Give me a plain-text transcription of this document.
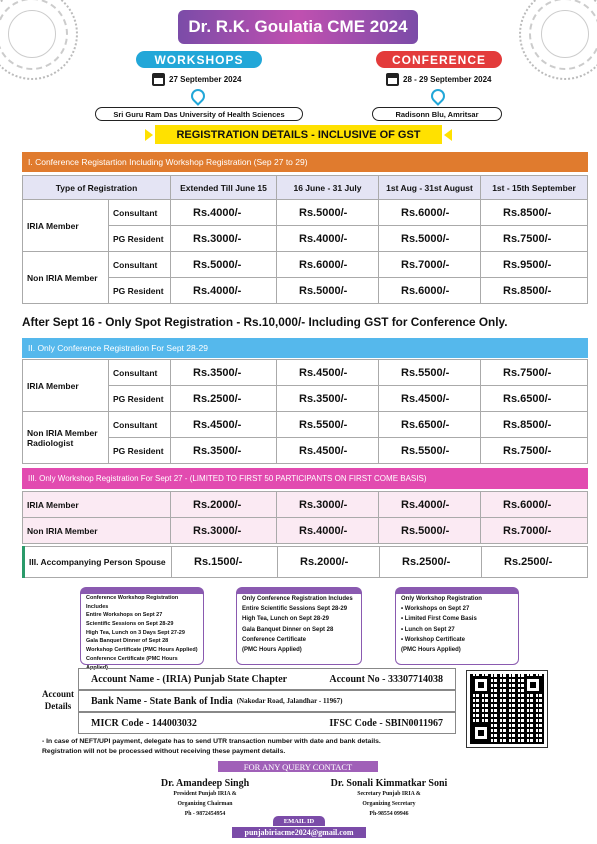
Dr. R.K. Goulatia CME 2024
WORKSHOPS	CONFERENCE
27 September 2024	28 - 29 September 2024
Sri Guru Ram Das University of Health Sciences	Radisonn Blu, Amritsar
REGISTRATION DETAILS - INCLUSIVE OF GST
I. Conference Registartion Including Workshop Registration (Sep 27 to 29)
Type of Registration		Extended Till June 15	16 June - 31 July	1st Aug - 31st August	1st - 15th September
IRIA Member	Consultant	Rs.4000/-	Rs.5000/-	Rs.6000/-	Rs.8500/-
	PG Resident	Rs.3000/-	Rs.4000/-	Rs.5000/-	Rs.7500/-
Non IRIA Member	Consultant	Rs.5000/-	Rs.6000/-	Rs.7000/-	Rs.9500/-
	PG Resident	Rs.4000/-	Rs.5000/-	Rs.6000/-	Rs.8500/-
After Sept 16 - Only Spot Registration - Rs.10,000/- Including GST for Conference Only.
II. Only Conference Registration For Sept 28-29
IRIA Member	Consultant	Rs.3500/-	Rs.4500/-	Rs.5500/-	Rs.7500/-
	PG Resident	Rs.2500/-	Rs.3500/-	Rs.4500/-	Rs.6500/-
Non IRIA Member Radiologist	Consultant	Rs.4500/-	Rs.5500/-	Rs.6500/-	Rs.8500/-
	PG Resident	Rs.3500/-	Rs.4500/-	Rs.5500/-	Rs.7500/-
III. Only Workshop Registration For Sept 27 - (LIMITED TO FIRST 50 PARTICIPANTS ON FIRST COME BASIS)
IRIA Member	Rs.2000/-	Rs.3000/-	Rs.4000/-	Rs.6000/-
Non IRIA Member	Rs.3000/-	Rs.4000/-	Rs.5000/-	Rs.7000/-
III. Accompanying Person Spouse	Rs.1500/-	Rs.2000/-	Rs.2500/-	Rs.2500/-
Conference Workshop Registration Includes
Entire Workshops on Sept 27
Scientific Sessions on Sept 28-29
High Tea, Lunch on 3 Days Sept 27-29
Gala Banquet Dinner of Sept 28
Workshop Certificate (PMC Hours Applied)
Conference Certificate (PMC Hours Applied)
Only Conference Registration Includes
Entire Scientific Sessions Sept 28-29
High Tea, Lunch on Sept 28-29
Gala Banquet Dinner on Sept 28
Conference Certificate
(PMC Hours Applied)
Only Workshop Registration
• Workshops on Sept 27
• Limited First Come Basis
• Lunch on Sept 27
• Workshop Certificate
(PMC Hours Applied)
Account Details
Account Name - (IRIA) Punjab State Chapter	Account No - 33307714038
Bank Name - State Bank of India (Nakodar Road, Jalandhar - 11967)
MICR Code - 144003032	IFSC Code - SBIN0011967
- In case of NEFT/UPI payment, delegate has to send UTR transaction number with date and bank details.
Registration will not be processed without receiving these payment details.
FOR ANY QUERY CONTACT
Dr. Amandeep Singh
President Punjab IRIA &
Organizing Chairman
Ph - 9872454954
Dr. Sonali Kimmatkar Soni
Secretary Punjab IRIA &
Organizing Secretary
Ph-98554 09946
EMAIL ID
punjabiriacme2024@gmail.com
